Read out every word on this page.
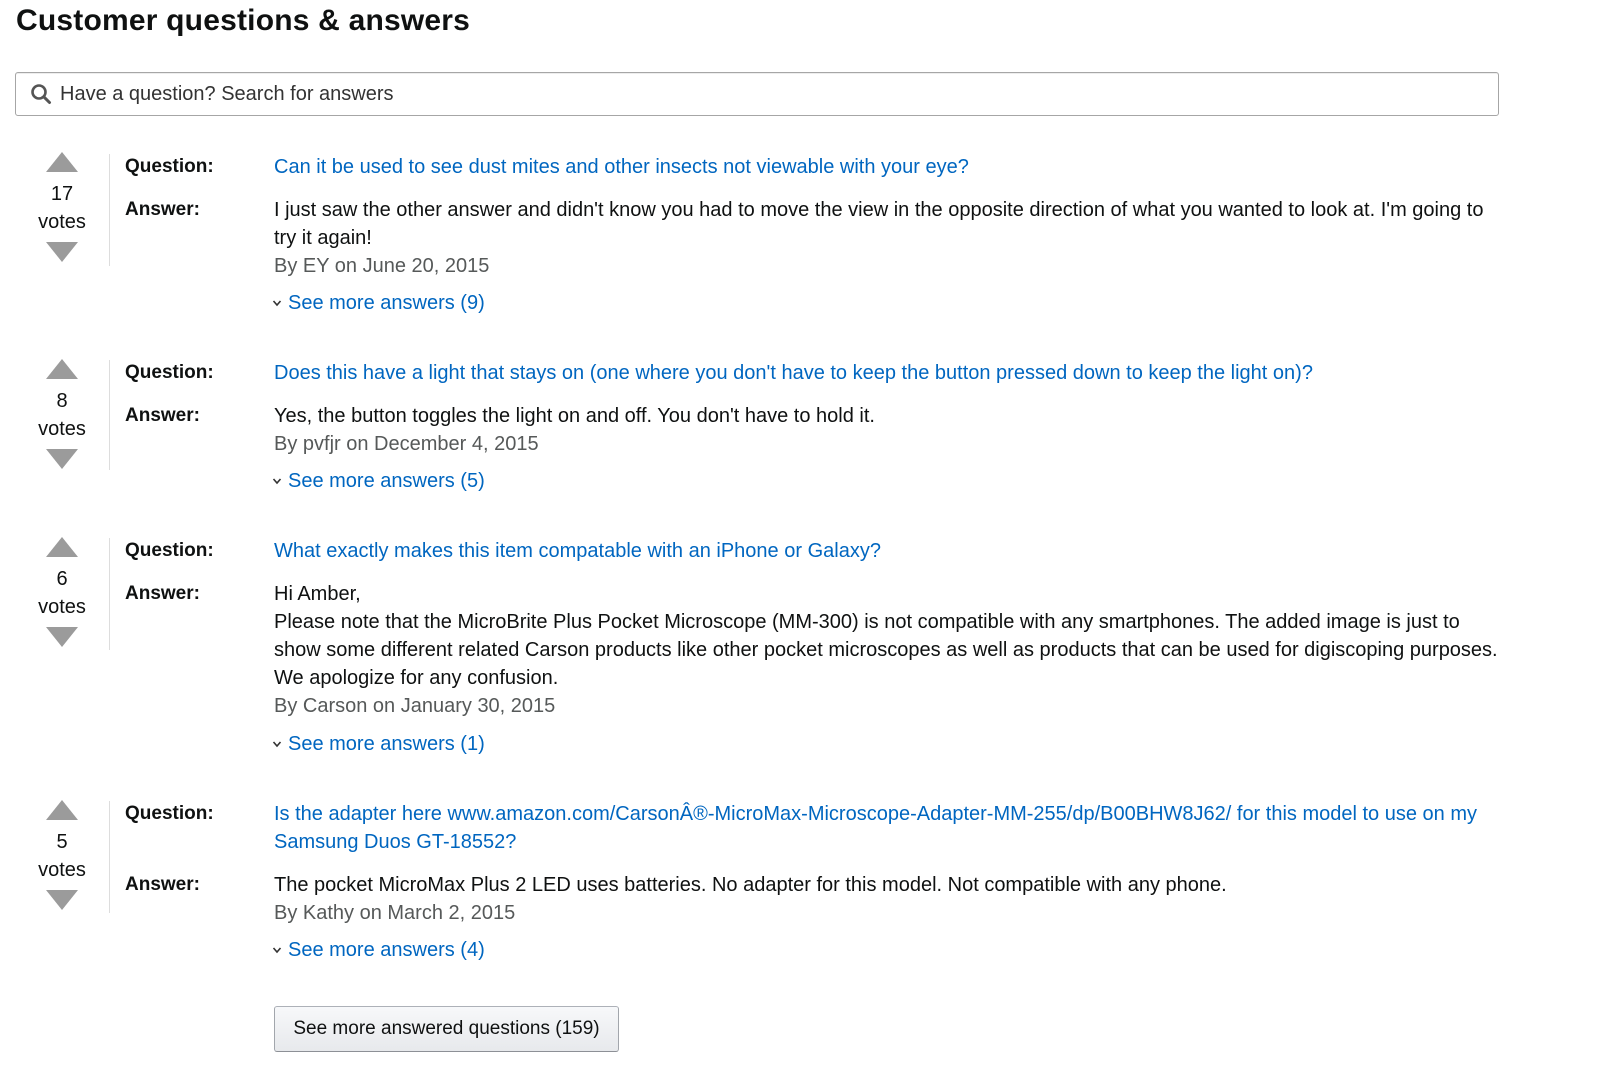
Customer questions & answers
Have a question? Search for answers
17
votes
Question:	Can it be used to see dust mites and other insects not viewable with your eye?
Answer:	I just saw the other answer and didn't know you had to move the view in the opposite direction of what you wanted to look at. I'm going to try it again!
By EY on June 20, 2015
See more answers (9)
8
votes
Question:	Does this have a light that stays on (one where you don't have to keep the button pressed down to keep the light on)?
Answer:	Yes, the button toggles the light on and off. You don't have to hold it.
By pvfjr on December 4, 2015
See more answers (5)
6
votes
Question:	What exactly makes this item compatable with an iPhone or Galaxy?
Answer:	Hi Amber,
Please note that the MicroBrite Plus Pocket Microscope (MM-300) is not compatible with any smartphones. The added image is just to show some different related Carson products like other pocket microscopes as well as products that can be used for digiscoping purposes. We apologize for any confusion.
By Carson on January 30, 2015
See more answers (1)
5
votes
Question:	Is the adapter here www.amazon.com/CarsonÂ®-MicroMax-Microscope-Adapter-MM-255/dp/B00BHW8J62/ for this model to use on my Samsung Duos GT-18552?
Answer:	The pocket MicroMax Plus 2 LED uses batteries. No adapter for this model. Not compatible with any phone.
By Kathy on March 2, 2015
See more answers (4)
See more answered questions (159)
